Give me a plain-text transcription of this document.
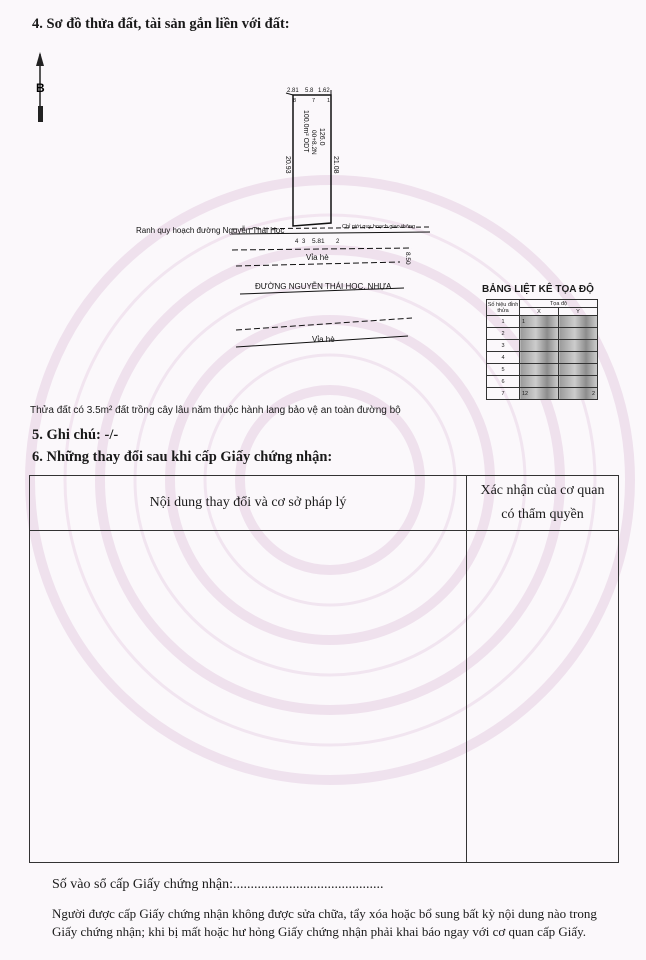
4. Sơ đồ thửa đất, tài sản gắn liền với đất:
B	2.81 5.8 1.62
8	7 1
20.93	21.08
100.0m² ODT 126.0
00+8.2N
Ranh quy hoạch đường Nguyễn Thái Học	Chỉ giới quy hoạch giao thông
4 3	2
5.81
Vỉa hè
ĐƯỜNG NGUYỄN THÁI HỌC, NHỰA
8.50
Vỉa hè
BẢNG LIỆT KÊ TỌA ĐỘ
Số hiệu đỉnh thửa	Tọa độ	
	X	Y
1	1	
2		
3		
4		
5		
6		
7	12	2
Thửa đất có 3.5m² đất trồng cây lâu năm thuộc hành lang bảo vệ an toàn đường bộ
5. Ghi chú: -/-
6. Những thay đổi sau khi cấp Giấy chứng nhận:
Nội dung thay đổi và cơ sở pháp lý	Xác nhận của cơ quan
có thẩm quyền

Số vào sổ cấp Giấy chứng nhận:...........................................
Người được cấp Giấy chứng nhận không được sửa chữa, tẩy xóa hoặc bổ sung bất kỳ nội dung nào trong
Giấy chứng nhận; khi bị mất hoặc hư hỏng Giấy chứng nhận phải khai báo ngay với cơ quan cấp Giấy.
